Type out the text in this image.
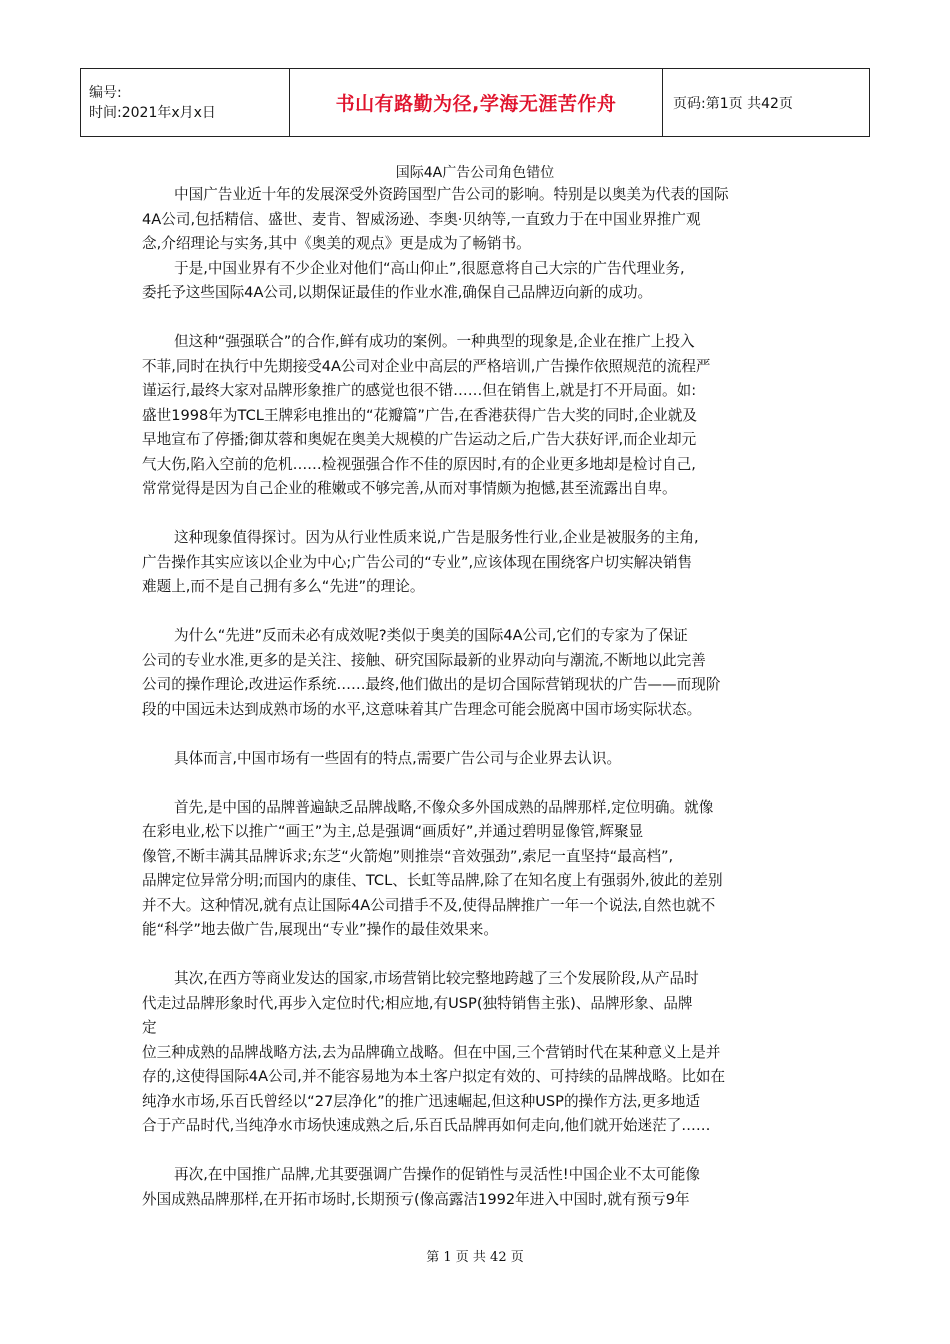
编号:
时间:2021年x月x日	书山有路勤为径,学海无涯苦作舟	页码:第1页 共42页
国际4A广告公司角色错位

中国广告业近十年的发展深受外资跨国型广告公司的影响。特别是以奥美为代表的国际
4A公司,包括精信、盛世、麦肯、智威汤逊、李奥·贝纳等,一直致力于在中国业界推广观
念,介绍理论与实务,其中《奥美的观点》更是成为了畅销书。

于是,中国业界有不少企业对他们“高山仰止”,很愿意将自己大宗的广告代理业务,
委托予这些国际4A公司,以期保证最佳的作业水准,确保自己品牌迈向新的成功。

但这种“强强联合”的合作,鲜有成功的案例。一种典型的现象是,企业在推广上投入
不菲,同时在执行中先期接受4A公司对企业中高层的严格培训,广告操作依照规范的流程严
谨运行,最终大家对品牌形象推广的感觉也很不错……但在销售上,就是打不开局面。如:
盛世1998年为TCL王牌彩电推出的“花瓣篇”广告,在香港获得广告大奖的同时,企业就及
早地宣布了停播;御苁蓉和奥妮在奥美大规模的广告运动之后,广告大获好评,而企业却元
气大伤,陷入空前的危机……检视强强合作不佳的原因时,有的企业更多地却是检讨自己,
常常觉得是因为自己企业的稚嫩或不够完善,从而对事情颇为抱憾,甚至流露出自卑。

这种现象值得探讨。因为从行业性质来说,广告是服务性行业,企业是被服务的主角,
广告操作其实应该以企业为中心;广告公司的“专业”,应该体现在围绕客户切实解决销售
难题上,而不是自己拥有多么“先进”的理论。

为什么“先进”反而未必有成效呢?类似于奥美的国际4A公司,它们的专家为了保证
公司的专业水准,更多的是关注、接触、研究国际最新的业界动向与潮流,不断地以此完善
公司的操作理论,改进运作系统……最终,他们做出的是切合国际营销现状的广告——而现阶
段的中国远未达到成熟市场的水平,这意味着其广告理念可能会脱离中国市场实际状态。

具体而言,中国市场有一些固有的特点,需要广告公司与企业界去认识。

首先,是中国的品牌普遍缺乏品牌战略,不像众多外国成熟的品牌那样,定位明确。就像
在彩电业,松下以推广“画王”为主,总是强调“画质好”,并通过碧明显像管,辉聚显
像管,不断丰满其品牌诉求;东芝“火箭炮”则推崇“音效强劲”,索尼一直坚持“最高档”,
品牌定位异常分明;而国内的康佳、TCL、长虹等品牌,除了在知名度上有强弱外,彼此的差别
并不大。这种情况,就有点让国际4A公司措手不及,使得品牌推广一年一个说法,自然也就不
能“科学”地去做广告,展现出“专业”操作的最佳效果来。

其次,在西方等商业发达的国家,市场营销比较完整地跨越了三个发展阶段,从产品时
代走过品牌形象时代,再步入定位时代;相应地,有USP(独特销售主张)、品牌形象、品牌
定
位三种成熟的品牌战略方法,去为品牌确立战略。但在中国,三个营销时代在某种意义上是并
存的,这使得国际4A公司,并不能容易地为本土客户拟定有效的、可持续的品牌战略。比如在
纯净水市场,乐百氏曾经以“27层净化”的推广迅速崛起,但这种USP的操作方法,更多地适
合于产品时代,当纯净水市场快速成熟之后,乐百氏品牌再如何走向,他们就开始迷茫了……

再次,在中国推广品牌,尤其要强调广告操作的促销性与灵活性!中国企业不太可能像
外国成熟品牌那样,在开拓市场时,长期预亏(像高露洁1992年进入中国时,就有预亏9年

第 1 页 共 42 页
